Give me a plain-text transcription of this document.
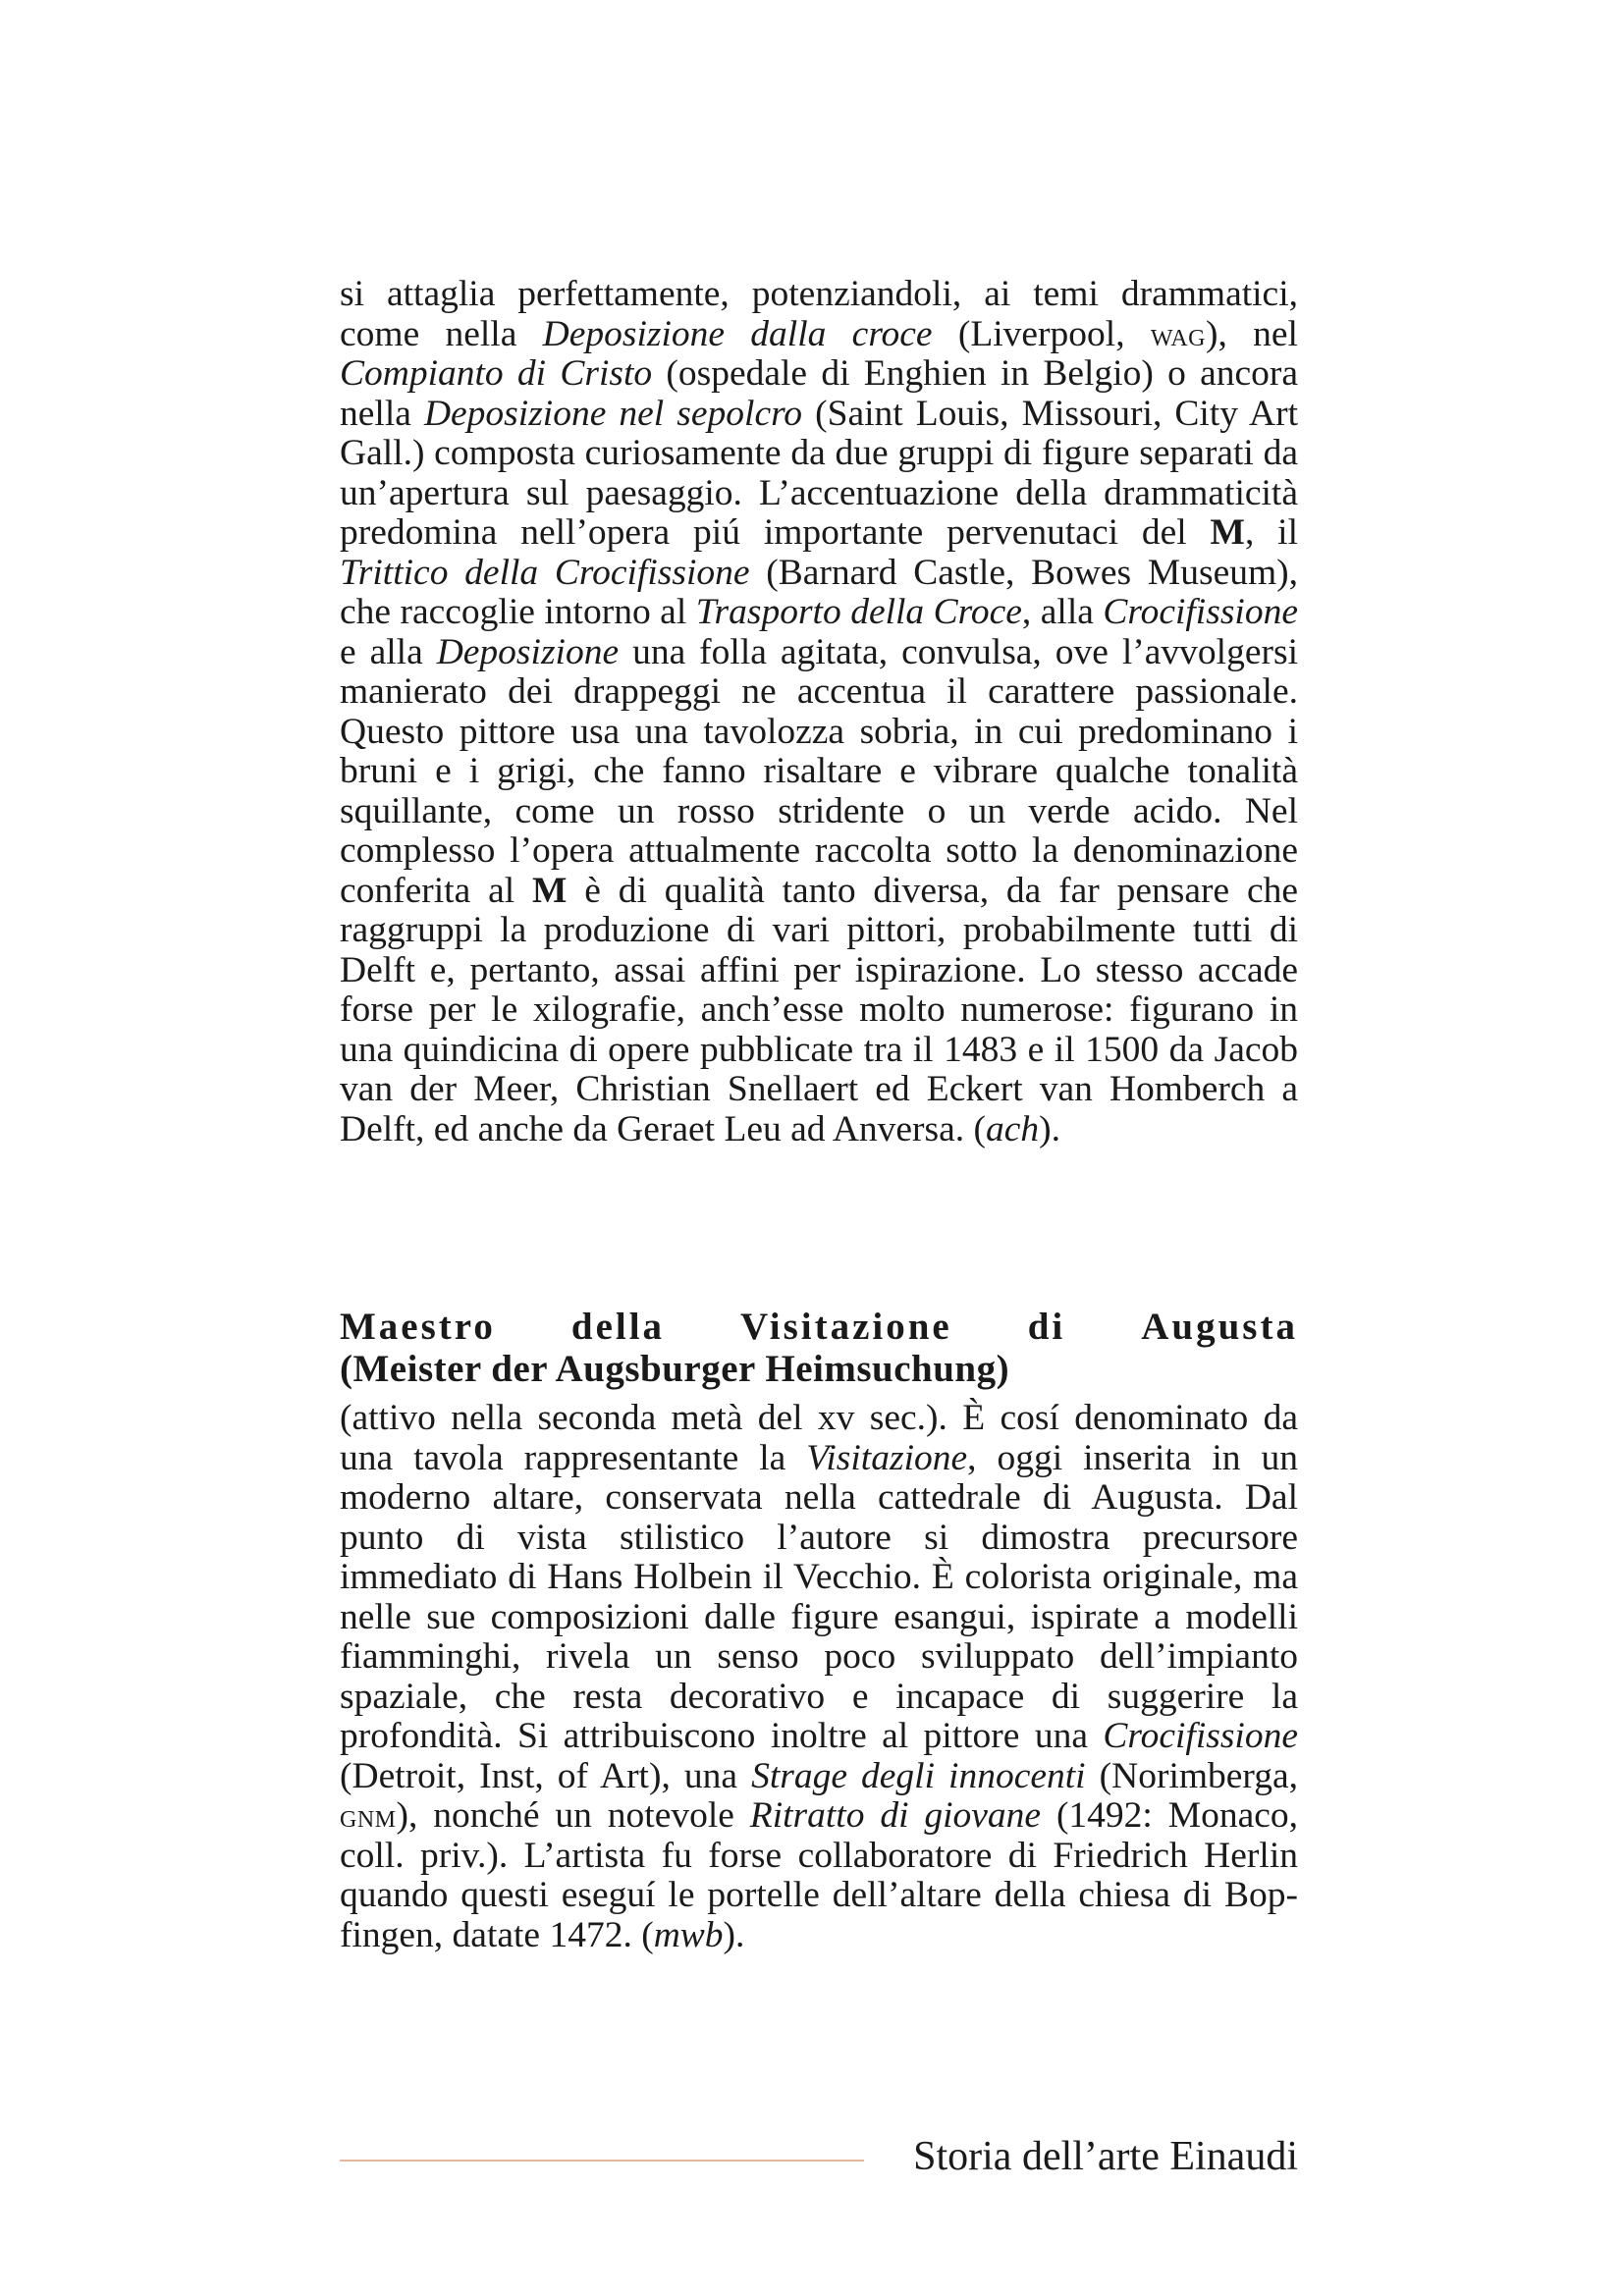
si attaglia perfettamente, potenziandoli, ai temi drammatici, come nella Deposizione dalla croce (Liverpool, wag), nel Compianto di Cristo (ospedale di Enghien in Belgio) o ancora nella Deposizione nel sepolcro (Saint Louis, Missouri, City Art Gall.) composta curiosamente da due gruppi di figure separati da un’apertura sul paesaggio. L’accentuazione della drammaticità predomina nell’opera piú importante pervenutaci del M, il Trittico della Crocifissione (Barnard Castle, Bowes Museum), che raccoglie intorno al Trasporto della Croce, alla Crocifissione e alla Deposizione una folla agitata, convulsa, ove l’avvolgersi manierato dei drappeggi ne accentua il carattere passionale. Questo pittore usa una tavolozza sobria, in cui predominano i bruni e i grigi, che fanno risaltare e vibrare qualche tonalità squillante, come un rosso stridente o un verde acido. Nel complesso l’opera attualmente raccolta sotto la denominazione conferita al M è di qualità tanto diversa, da far pensare che raggruppi la produzione di vari pittori, probabilmente tutti di Delft e, pertanto, assai affini per ispirazione. Lo stesso accade forse per le xilografie, anch’esse molto numerose: figurano in una quindicina di opere pubblicate tra il 1483 e il 1500 da Jacob van der Meer, Christian Snellaert ed Eckert van Homberch a Delft, ed anche da Geraet Leu ad Anversa. (ach).
Maestro della Visitazione di Augusta
(Meister der Augsburger Heimsuchung)
(attivo nella seconda metà del xv sec.). È cosí denominato da una tavola rappresentante la Visitazione, oggi inserita in un moderno altare, conservata nella cattedrale di Augusta. Dal punto di vista stilistico l’autore si dimostra precursore immediato di Hans Holbein il Vecchio. È colorista originale, ma nelle sue composizioni dalle figure esangui, ispirate a modelli fiamminghi, rivela un senso poco sviluppato dell’impianto spaziale, che resta decorativo e incapace di suggerire la profondità. Si attribuiscono inoltre al pittore una Crocifissione (Detroit, Inst, of Art), una Strage degli innocenti (Norimberga, gnm), nonché un notevole Ritratto di giovane (1492: Monaco, coll. priv.). L’artista fu forse collaboratore di Friedrich Herlin quando questi eseguí le portelle dell’altare della chiesa di Bopfingen, datate 1472. (mwb).
Storia dell’arte Einaudi
